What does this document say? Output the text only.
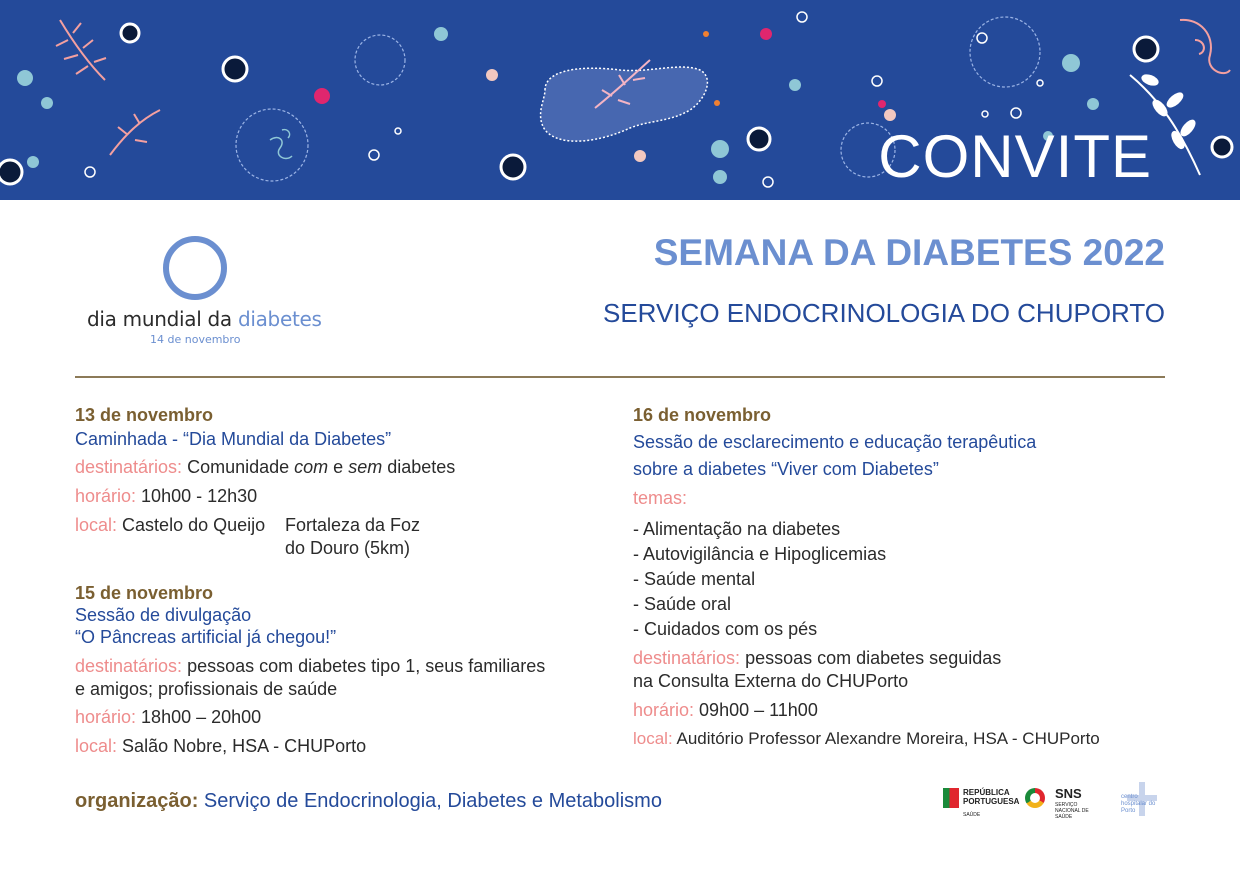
CONVITE
dia mundial da diabetes
14 de novembro
SEMANA DA DIABETES 2022
SERVIÇO ENDOCRINOLOGIA DO CHUPORTO
13 de novembro
Caminhada - “Dia Mundial da Diabetes”
destinatários: Comunidade com e sem diabetes
horário: 10h00 - 12h30
local: Castelo do Queijo Fortaleza da Foz
do Douro (5km)
15 de novembro
Sessão de divulgação
“O Pâncreas artificial já chegou!”
destinatários: pessoas com diabetes tipo 1, seus familiares
e amigos; profissionais de saúde
horário: 18h00 – 20h00
local: Salão Nobre, HSA - CHUPorto
16 de novembro
Sessão de esclarecimento e educação terapêutica
sobre a diabetes “Viver com Diabetes”
temas:
- Alimentação na diabetes
- Autovigilância e Hipoglicemias
- Saúde mental
- Saúde oral
- Cuidados com os pés
destinatários: pessoas com diabetes seguidas
na Consulta Externa do CHUPorto
horário: 09h00 – 11h00
local: Auditório Professor Alexandre Moreira, HSA - CHUPorto
organização: Serviço de Endocrinologia, Diabetes e Metabolismo	REPÚBLICA
PORTUGUESA
SAÚDE
SNS
SERVIÇO NACIONAL DE SAÚDE
centro hospitalar do Porto
